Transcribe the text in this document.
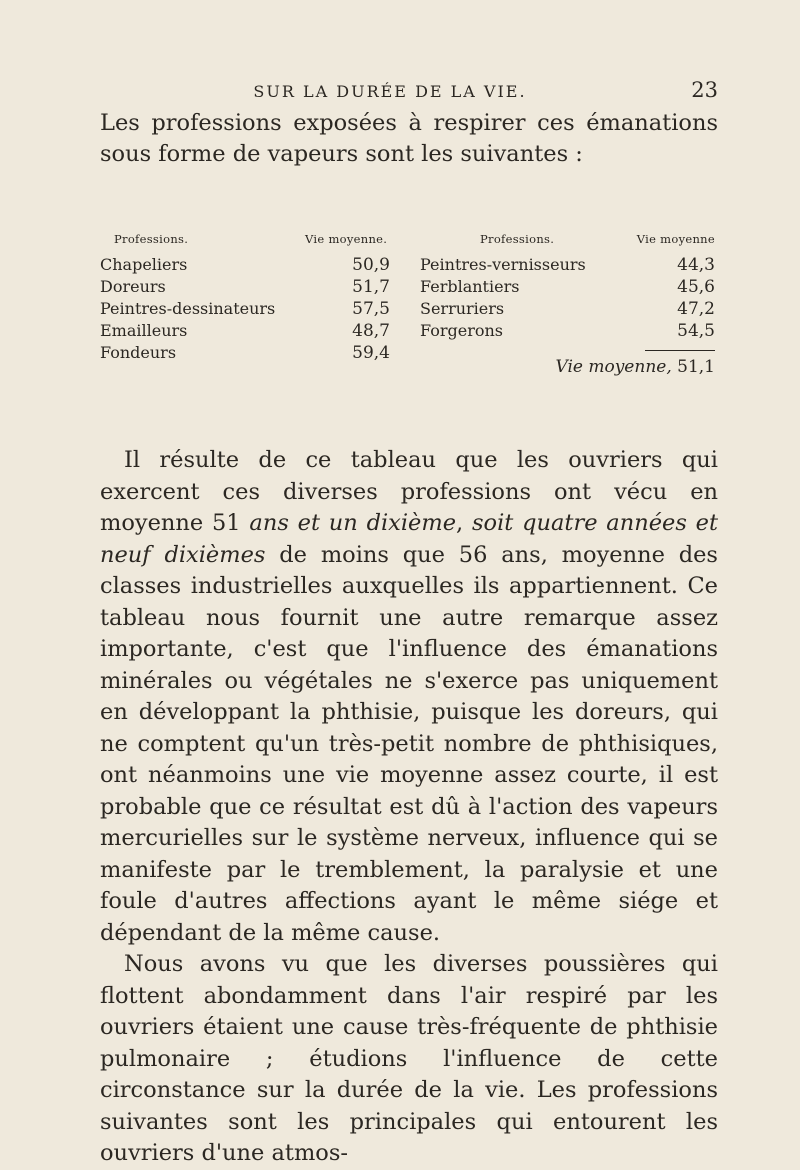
SUR LA DURÉE DE LA VIE.	23
Les professions exposées à respirer ces émanations sous forme de vapeurs sont les suivantes :
Professions.	Vie moyenne.
Chapeliers	50,9
Doreurs	51,7
Peintres-dessinateurs	57,5
Emailleurs	48,7
Fondeurs	59,4
Professions.	Vie moyenne
Peintres-vernisseurs	44,3
Ferblantiers	45,6
Serruriers	47,2
Forgerons	54,5
Vie moyenne, 51,1

Il résulte de ce tableau que les ouvriers qui exercent ces diverses professions ont vécu en moyenne 51 ans et un dixième, soit quatre années et neuf dixièmes de moins que 56 ans, moyenne des classes industrielles auxquelles ils appartiennent. Ce tableau nous fournit une autre remarque assez importante, c'est que l'influence des émanations minérales ou végétales ne s'exerce pas uniquement en développant la phthisie, puisque les doreurs, qui ne comptent qu'un très-petit nombre de phthisiques, ont néanmoins une vie moyenne assez courte, il est probable que ce résultat est dû à l'action des vapeurs mercurielles sur le système nerveux, influence qui se manifeste par le tremblement, la paralysie et une foule d'autres affections ayant le même siége et dépendant de la même cause.

Nous avons vu que les diverses poussières qui flottent abondamment dans l'air respiré par les ouvriers étaient une cause très-fréquente de phthisie pulmonaire ; étudions l'influence de cette circonstance sur la durée de la vie. Les professions suivantes sont les principales qui entourent les ouvriers d'une atmos-
